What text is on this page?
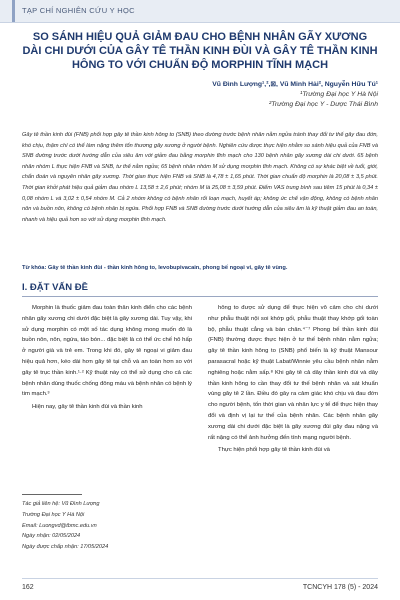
TẠP CHÍ NGHIÊN CỨU Y HỌC
SO SÁNH HIỆU QUẢ GIẢM ĐAU CHO BỆNH NHÂN GÃY XƯƠNG DÀI CHI DƯỚI CỦA GÂY TÊ THẦN KINH ĐÙI VÀ GÂY TÊ THẦN KINH HÔNG TO VỚI CHUẨN ĐỘ MORPHIN TĨNH MẠCH
Vũ Đình Lượng¹,²,⊠, Vũ Minh Hải², Nguyễn Hữu Tú¹
¹Trường Đại học Y Hà Nội
²Trường Đại học Y - Dược Thái Bình

Gây tê thần kinh đùi (FNB) phối hợp gây tê thần kinh hông to (SNB) theo đường trước bệnh nhân nằm ngửa tránh thay đổi tư thế gây đau đớn, khó chịu, thậm chí có thể làm nặng thêm tổn thương gãy xương ở người bệnh. Nghiên cứu được thực hiện nhằm so sánh hiệu quả của FNB và SNB đường trước dưới hướng dẫn của siêu âm với giảm đau bằng morphin tĩnh mạch cho 130 bệnh nhân gãy xương dài chi dưới. 65 bệnh nhân nhóm L thực hiện FNB và SNB, tư thế nằm ngửa; 65 bệnh nhân nhóm M sử dụng morphin tĩnh mạch. Không có sự khác biệt về tuổi, giới, chẩn đoán và nguyên nhân gãy xương. Thời gian thực hiện FNB và SNB là 4,78 ± 1,65 phút. Thời gian chuẩn độ morphin là 20,08 ± 3,5 phút. Thời gian khởi phát hiệu quả giảm đau nhóm L 13,58 ± 2,6 phút; nhóm M là 25,08 ± 3,59 phút. Điểm VAS trung bình sau tiêm 15 phút là 0,34 ± 0,08 nhóm L và 3,02 ± 0,54 nhóm M. Cả 2 nhóm không có bệnh nhân rối loạn mạch, huyết áp; không ức chế vận động, không có bệnh nhân nôn và buồn nôn, không có bệnh nhân bị ngứa. Phối hợp FNB và SNB đường trước dưới hướng dẫn của siêu âm là kỹ thuật giảm đau an toàn, nhanh và hiệu quả hơn so với sử dụng morphin tĩnh mạch.

Từ khóa: Gây tê thần kinh đùi - thần kinh hông to, levobupivacain, phong bế ngoại vi, gãy tê vùng.

I. ĐẶT VẤN ĐỀ

Morphin là thuốc giảm đau toàn thân kinh điển cho các bệnh nhân gãy xương chi dưới đặc biệt là gãy xương dài. Tuy vậy, khi sử dụng morphin có một số tác dụng không mong muốn đó là buồn nôn, nôn, ngứa, táo bón... đặc biệt là có thể ức chế hô hấp ở người già và trẻ em. Trong khi đó, gây tê ngoại vi giảm đau hiệu quả hơn, kéo dài hơn gây tê tại chỗ và an toàn hơn so với gây tê trục thần kinh.¹·² Kỹ thuật này có thể sử dụng cho cả các bệnh nhân dùng thuốc chống đông máu và bệnh nhân có bệnh lý tim mạch.³

Hiện nay, gây tê thần kinh đùi và thần kinh

hông to được sử dụng để thực hiện vô cảm cho chi dưới như phẫu thuật nội soi khớp gối, phẫu thuật thay khớp gối toàn bộ, phẫu thuật cẳng và bàn chân.⁴⁻⁷ Phong bế thần kinh đùi (FNB) thường được thực hiện ở tư thế bệnh nhân nằm ngửa; gây tê thần kinh hông to (SNB) phổ biến là kỹ thuật Mansour parasacral hoặc kỹ thuật Labat/Winnie yêu cầu bệnh nhân nằm nghiêng hoặc nằm sấp.⁸ Khi gây tê cả dây thần kinh đùi và dây thần kinh hông to cần thay đổi tư thế bệnh nhân và sát khuẩn vùng gây tê 2 lần. Điều đó gây ra cảm giác khó chịu và đau đớn cho người bệnh, tốn thời gian và nhân lực y tế để thực hiện thay đổi và định vị lại tư thế của bệnh nhân. Các bệnh nhân gãy xương dài chi dưới đặc biệt là gãy xương đùi gây đau nặng và rất nặng có thể ảnh hưởng đến tính mạng người bệnh.

Thực hiện phối hợp gây tê thần kinh đùi và

Tác giả liên hệ: Vũ Đình Lượng
Trường Đại học Y Hà Nội
Email: Luongvd@tbmc.edu.vn
Ngày nhận: 02/05/2024
Ngày được chấp nhận: 17/05/2024
162	TCNCYH 178 (5) - 2024
